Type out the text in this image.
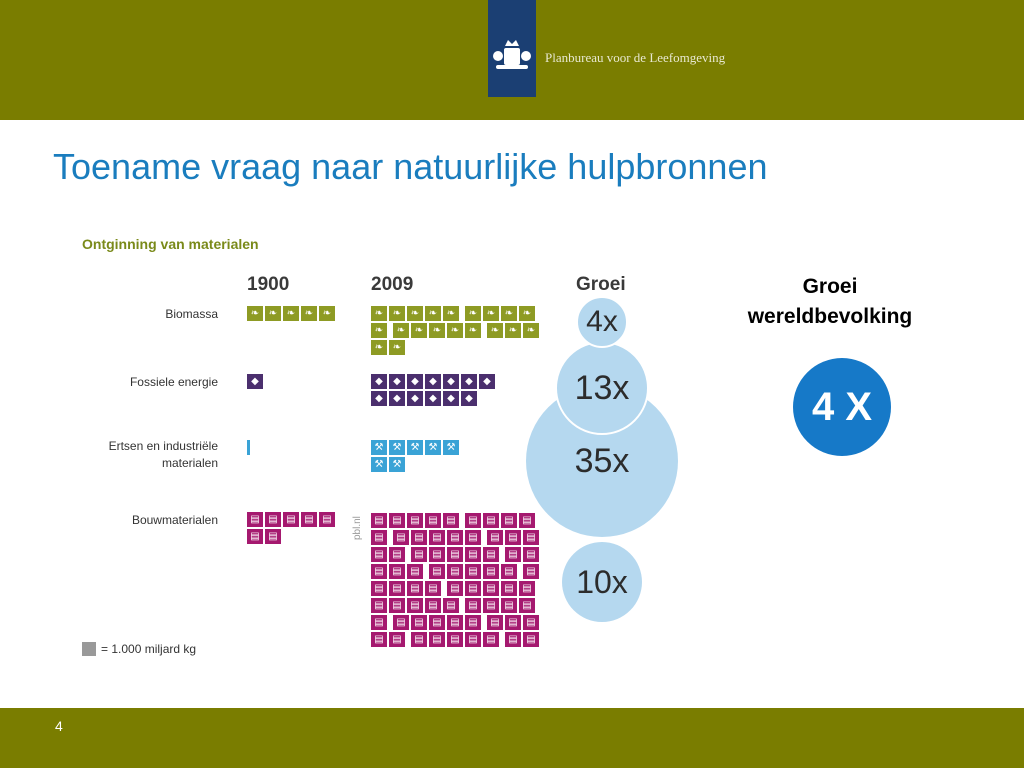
Planbureau voor de Leefomgeving
Toename vraag naar natuurlijke hulpbronnen
Ontginning van materialen
1900	2009	Groei
Biomassa
Fossiele energie
Ertsen en industriële materialen
Bouwmaterialen
❧ ❧ ❧ ❧ ❧
◆
▤ ▤ ▤ ▤ ▤
▤ ▤
❧ ❧ ❧ ❧ ❧ ❧ ❧ ❧ ❧
❧ ❧ ❧ ❧ ❧ ❧ ❧ ❧ ❧
❧ ❧
◆ ◆ ◆ ◆ ◆ ◆ ◆
◆ ◆ ◆ ◆ ◆ ◆
⚒ ⚒ ⚒ ⚒ ⚒
⚒ ⚒
▤ ▤ ▤ ▤ ▤ ▤ ▤ ▤ ▤
▤ ▤ ▤ ▤ ▤ ▤ ▤ ▤ ▤
▤ ▤ ▤ ▤ ▤ ▤ ▤ ▤ ▤
▤ ▤ ▤ ▤ ▤ ▤ ▤ ▤ ▤
▤ ▤ ▤ ▤ ▤ ▤ ▤ ▤ ▤
▤ ▤ ▤ ▤ ▤ ▤ ▤ ▤ ▤
▤ ▤ ▤ ▤ ▤ ▤ ▤ ▤ ▤
▤ ▤ ▤ ▤ ▤ ▤ ▤ ▤ ▤
pbl.nl
35x
13x
4x
10x
= 1.000 miljard kg
Groei wereldbevolking
4 X
4
